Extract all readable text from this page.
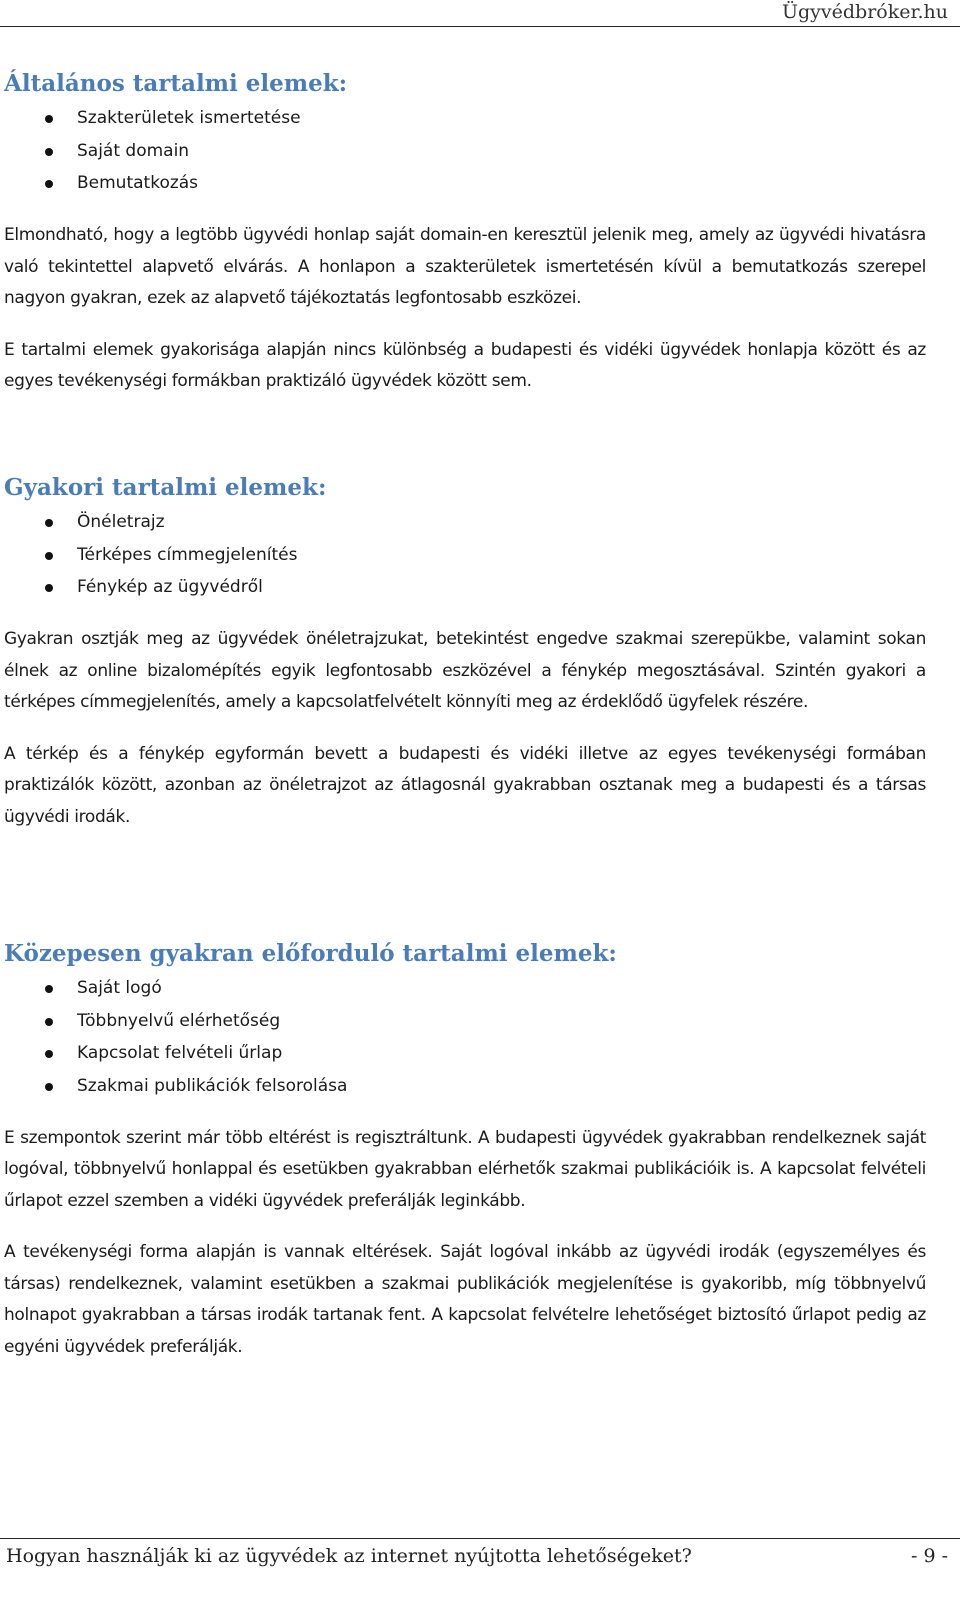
Ügyvédbróker.hu
Általános tartalmi elemek:
Szakterületek ismertetése
Saját domain
Bemutatkozás

Elmondható, hogy a legtöbb ügyvédi honlap saját domain-en keresztül jelenik meg, amely az ügyvédi hivatásra való tekintettel alapvető elvárás. A honlapon a szakterületek ismertetésén kívül a bemutatkozás szerepel nagyon gyakran, ezek az alapvető tájékoztatás legfontosabb eszközei.

E tartalmi elemek gyakorisága alapján nincs különbség a budapesti és vidéki ügyvédek honlapja között és az egyes tevékenységi formákban praktizáló ügyvédek között sem.

Gyakori tartalmi elemek:
Önéletrajz
Térképes címmegjelenítés
Fénykép az ügyvédről

Gyakran osztják meg az ügyvédek önéletrajzukat, betekintést engedve szakmai szerepükbe, valamint sokan élnek az online bizalomépítés egyik legfontosabb eszközével a fénykép megosztásával. Szintén gyakori a térképes címmegjelenítés, amely a kapcsolatfelvételt könnyíti meg az érdeklődő ügyfelek részére.

A térkép és a fénykép egyformán bevett a budapesti és vidéki illetve az egyes tevékenységi formában praktizálók között, azonban az önéletrajzot az átlagosnál gyakrabban osztanak meg a budapesti és a társas ügyvédi irodák.

Közepesen gyakran előforduló tartalmi elemek:
Saját logó
Többnyelvű elérhetőség
Kapcsolat felvételi űrlap
Szakmai publikációk felsorolása

E szempontok szerint már több eltérést is regisztráltunk. A budapesti ügyvédek gyakrabban rendelkeznek saját logóval, többnyelvű honlappal és esetükben gyakrabban elérhetők szakmai publikációik is. A kapcsolat felvételi űrlapot ezzel szemben a vidéki ügyvédek preferálják leginkább.

A tevékenységi forma alapján is vannak eltérések. Saját logóval inkább az ügyvédi irodák (egyszemélyes és társas) rendelkeznek, valamint esetükben a szakmai publikációk megjelenítése is gyakoribb, míg többnyelvű holnapot gyakrabban a társas irodák tartanak fent. A kapcsolat felvételre lehetőséget biztosító űrlapot pedig az egyéni ügyvédek preferálják.

Hogyan használják ki az ügyvédek az internet nyújtotta lehetőségeket?	- 9 -
